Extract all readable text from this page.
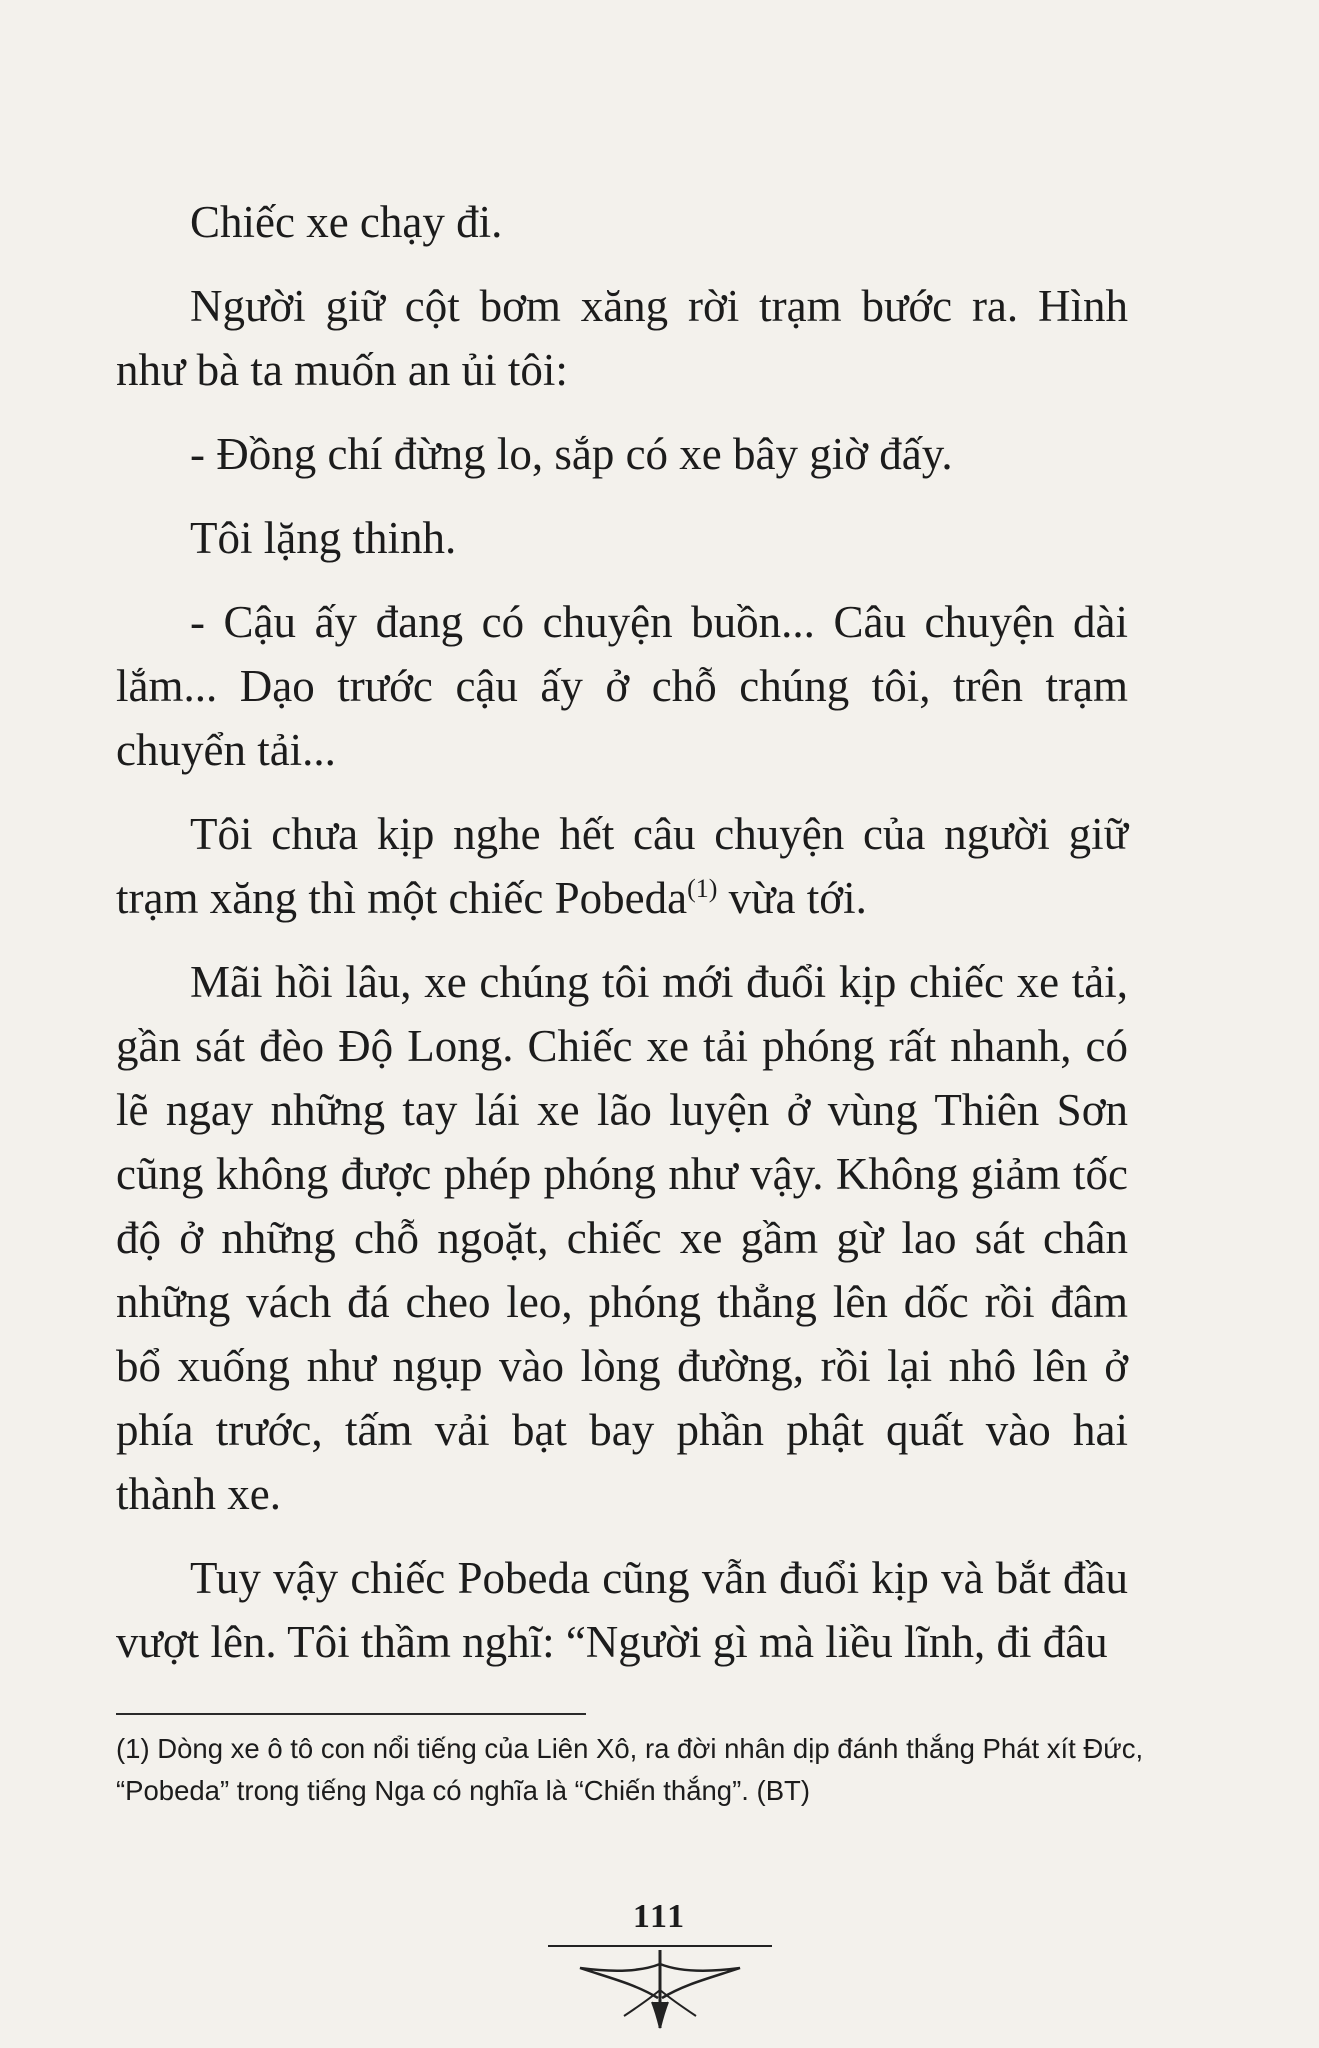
Chiếc xe chạy đi.

Người giữ cột bơm xăng rời trạm bước ra. Hình như bà ta muốn an ủi tôi:

- Đồng chí đừng lo, sắp có xe bây giờ đấy.

Tôi lặng thinh.

- Cậu ấy đang có chuyện buồn... Câu chuyện dài lắm... Dạo trước cậu ấy ở chỗ chúng tôi, trên trạm chuyển tải...

Tôi chưa kịp nghe hết câu chuyện của người giữ trạm xăng thì một chiếc Pobeda$^{(1)}$ vừa tới.

Mãi hồi lâu, xe chúng tôi mới đuổi kịp chiếc xe tải, gần sát đèo Độ Long. Chiếc xe tải phóng rất nhanh, có lẽ ngay những tay lái xe lão luyện ở vùng Thiên Sơn cũng không được phép phóng như vậy. Không giảm tốc độ ở những chỗ ngoặt, chiếc xe gầm gừ lao sát chân những vách đá cheo leo, phóng thẳng lên dốc rồi đâm bổ xuống như ngụp vào lòng đường, rồi lại nhô lên ở phía trước, tấm vải bạt bay phần phật quất vào hai thành xe.

Tuy vậy chiếc Pobeda cũng vẫn đuổi kịp và bắt đầu vượt lên. Tôi thầm nghĩ: “Người gì mà liều lĩnh, đi đâu

(1) Dòng xe ô tô con nổi tiếng của Liên Xô, ra đời nhân dịp đánh thắng Phát xít Đức, “Pobeda” trong tiếng Nga có nghĩa là “Chiến thắng”. (BT)
111
